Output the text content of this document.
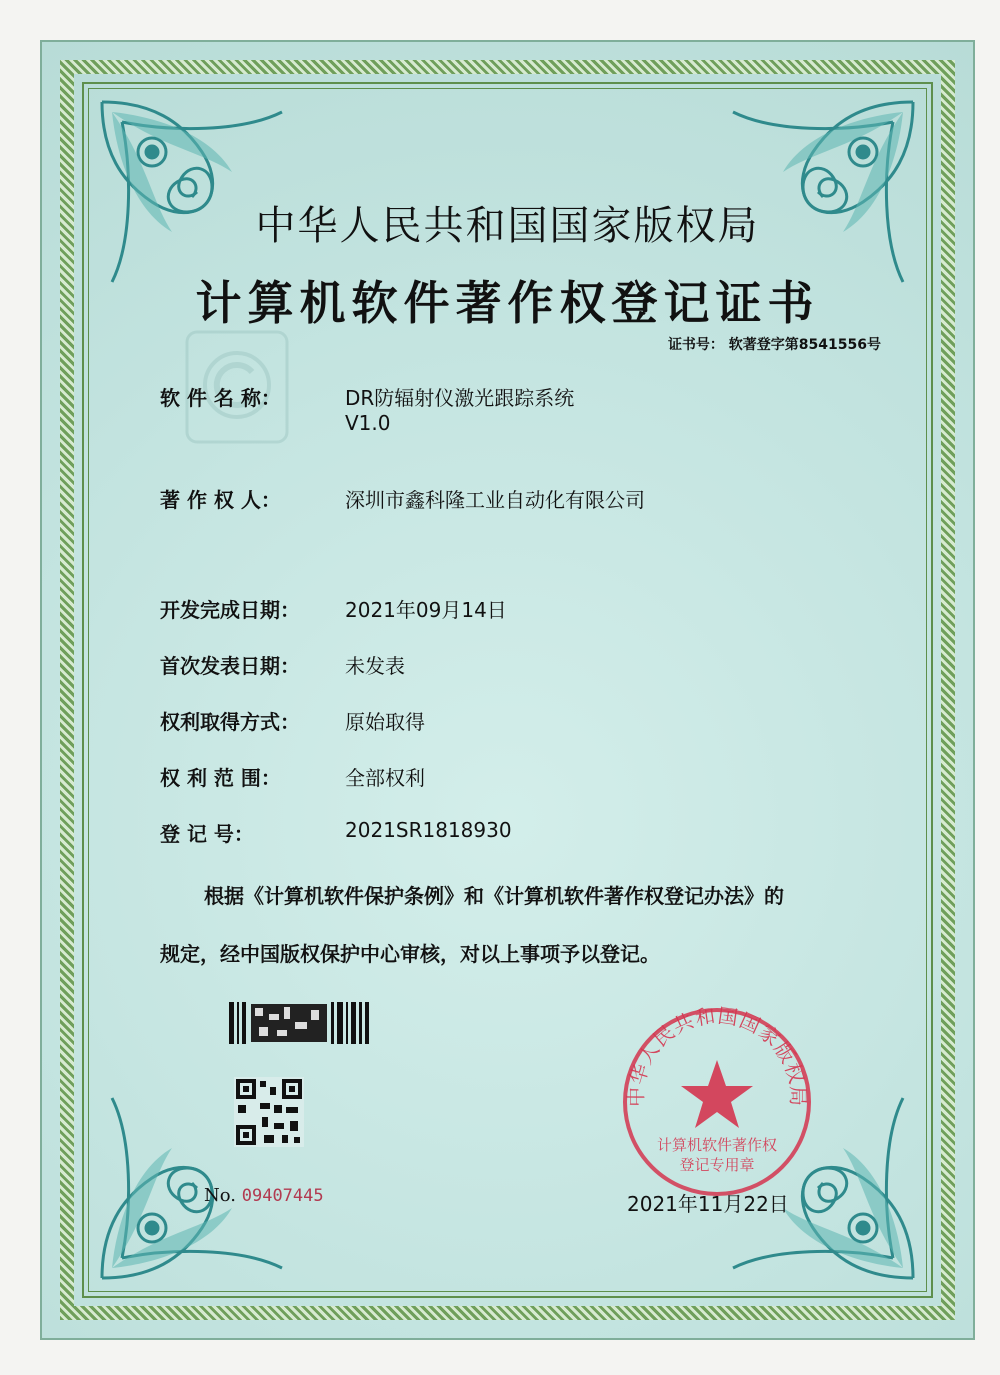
中华人民共和国国家版权局
计算机软件著作权登记证书
证书号： 软著登字第8541556号
软 件 名 称：	DR防辐射仪激光跟踪系统
V1.0
著 作 权 人：	深圳市鑫科隆工业自动化有限公司
开发完成日期： 2021年09月14日
首次发表日期： 未发表
权利取得方式： 原始取得
权 利 范 围：	全部权利
登 记 号：	2021SR1818930
根据《计算机软件保护条例》和《计算机软件著作权登记办法》的
规定，经中国版权保护中心审核，对以上事项予以登记。
No. 09407445
中华人民共和国国家版权局
计算机软件著作权
登记专用章
2021年11月22日
